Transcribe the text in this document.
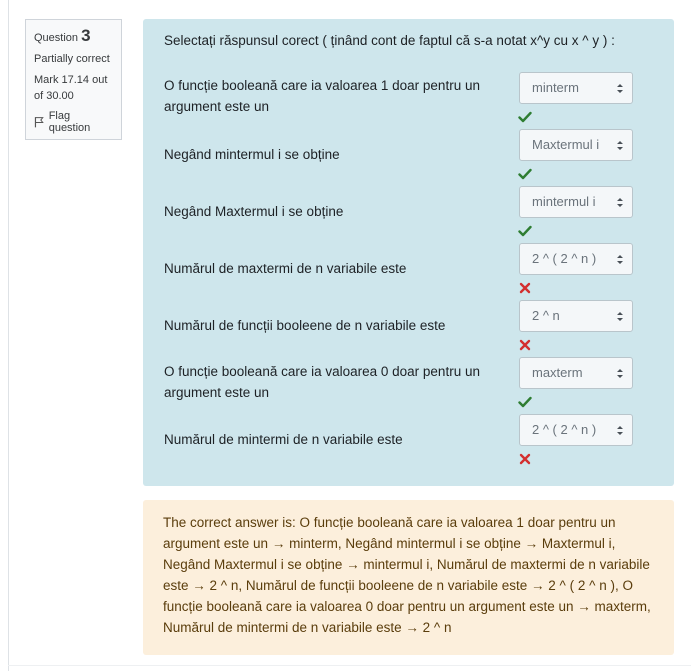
Question 3
Partially correct
Mark 17.14 out of 30.00
Flag question
Selectați răspunsul corect ( ținând cont de faptul că s-a notat x^y cu x ^ y ) :
O funcție booleană care ia valoarea 1 doar pentru un argument este un
minterm
Negând mintermul i se obține
Maxtermul i
Negând Maxtermul i se obține
mintermul i
Numărul de maxtermi de n variabile este
2 ^ ( 2 ^ n )
Numărul de funcții booleene de n variabile este
2 ^ n
O funcție booleană care ia valoarea 0 doar pentru un argument este un
maxterm
Numărul de mintermi de n variabile este
2 ^ ( 2 ^ n )
The correct answer is: O funcție booleană care ia valoarea 1 doar pentru un argument este un → minterm, Negând mintermul i se obține → Maxtermul i, Negând Maxtermul i se obține → mintermul i, Numărul de maxtermi de n variabile este → 2 ^ n, Numărul de funcții booleene de n variabile este → 2 ^ ( 2 ^ n ), O funcție booleană care ia valoarea 0 doar pentru un argument este un → maxterm, Numărul de mintermi de n variabile este → 2 ^ n
